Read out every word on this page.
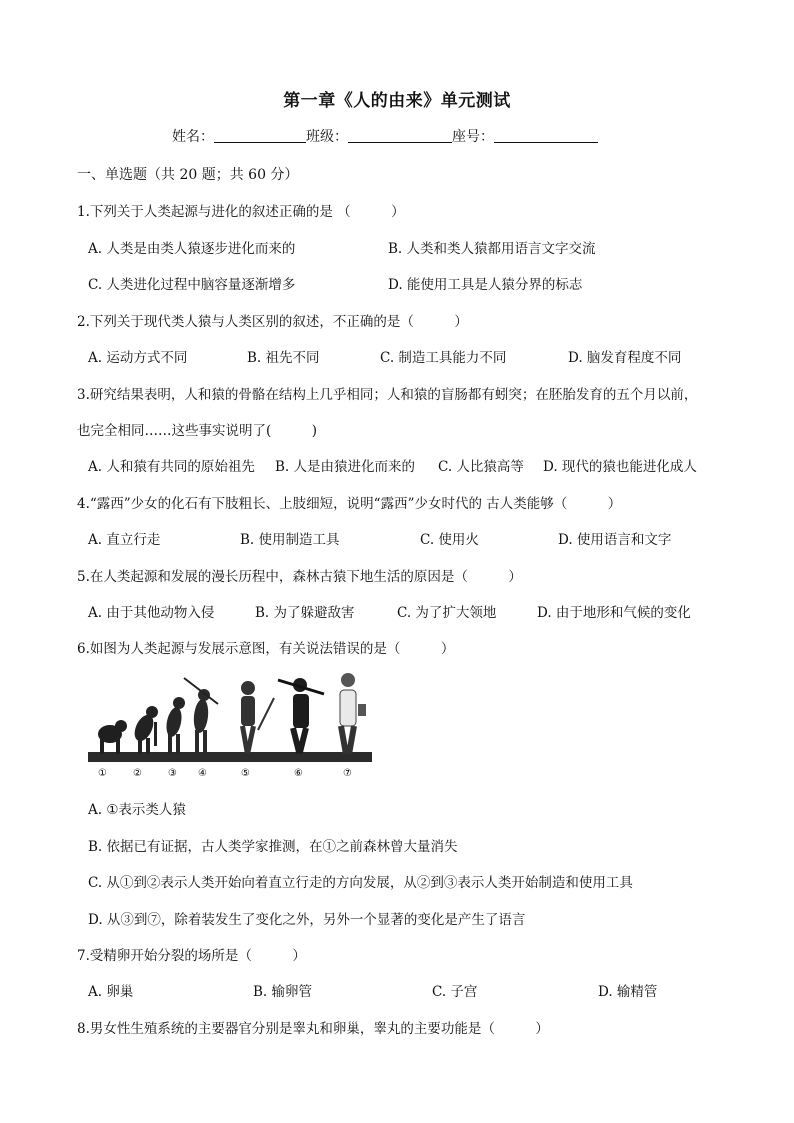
第一章《人的由来》单元测试
姓名：	班级：	座号：
一、单选题（共 20 题；共 60 分）
1.下列关于人类起源与进化的叙述正确的是 （　　　）
A. 人类是由类人猿逐步进化而来的	B. 人类和类人猿都用语言文字交流
C. 人类进化过程中脑容量逐渐增多	D. 能使用工具是人猿分界的标志
2.下列关于现代类人猿与人类区别的叙述，不正确的是（　　　）
A. 运动方式不同	B. 祖先不同	C. 制造工具能力不同	D. 脑发育程度不同
3.研究结果表明，人和猿的骨骼在结构上几乎相同；人和猿的盲肠都有蚓突；在胚胎发育的五个月以前，
也完全相同……这些事实说明了(　　　)
A. 人和猿有共同的原始祖先 B. 人是由猿进化而来的 C. 人比猿高等 D. 现代的猿也能进化成人
4.“露西”少女的化石有下肢粗长、上肢细短，说明“露西”少女时代的 古人类能够（　　　）
A. 直立行走	B. 使用制造工具	C. 使用火	D. 使用语言和文字
5.在人类起源和发展的漫长历程中，森林古猿下地生活的原因是（　　　）
A. 由于其他动物入侵	B. 为了躲避敌害	C. 为了扩大领地	D. 由于地形和气候的变化
6.如图为人类起源与发展示意图，有关说法错误的是（　　　）
①	②	③ ④	⑤	⑥	⑦
A. ①表示类人猿
B. 依据已有证据，古人类学家推测，在①之前森林曾大量消失
C. 从①到②表示人类开始向着直立行走的方向发展，从②到③表示人类开始制造和使用工具
D. 从③到⑦，除着装发生了变化之外，另外一个显著的变化是产生了语言
7.受精卵开始分裂的场所是（　　　）
A. 卵巢	B. 输卵管	C. 子宫	D. 输精管
8.男女性生殖系统的主要器官分别是睾丸和卵巢，睾丸的主要功能是（　　　）
